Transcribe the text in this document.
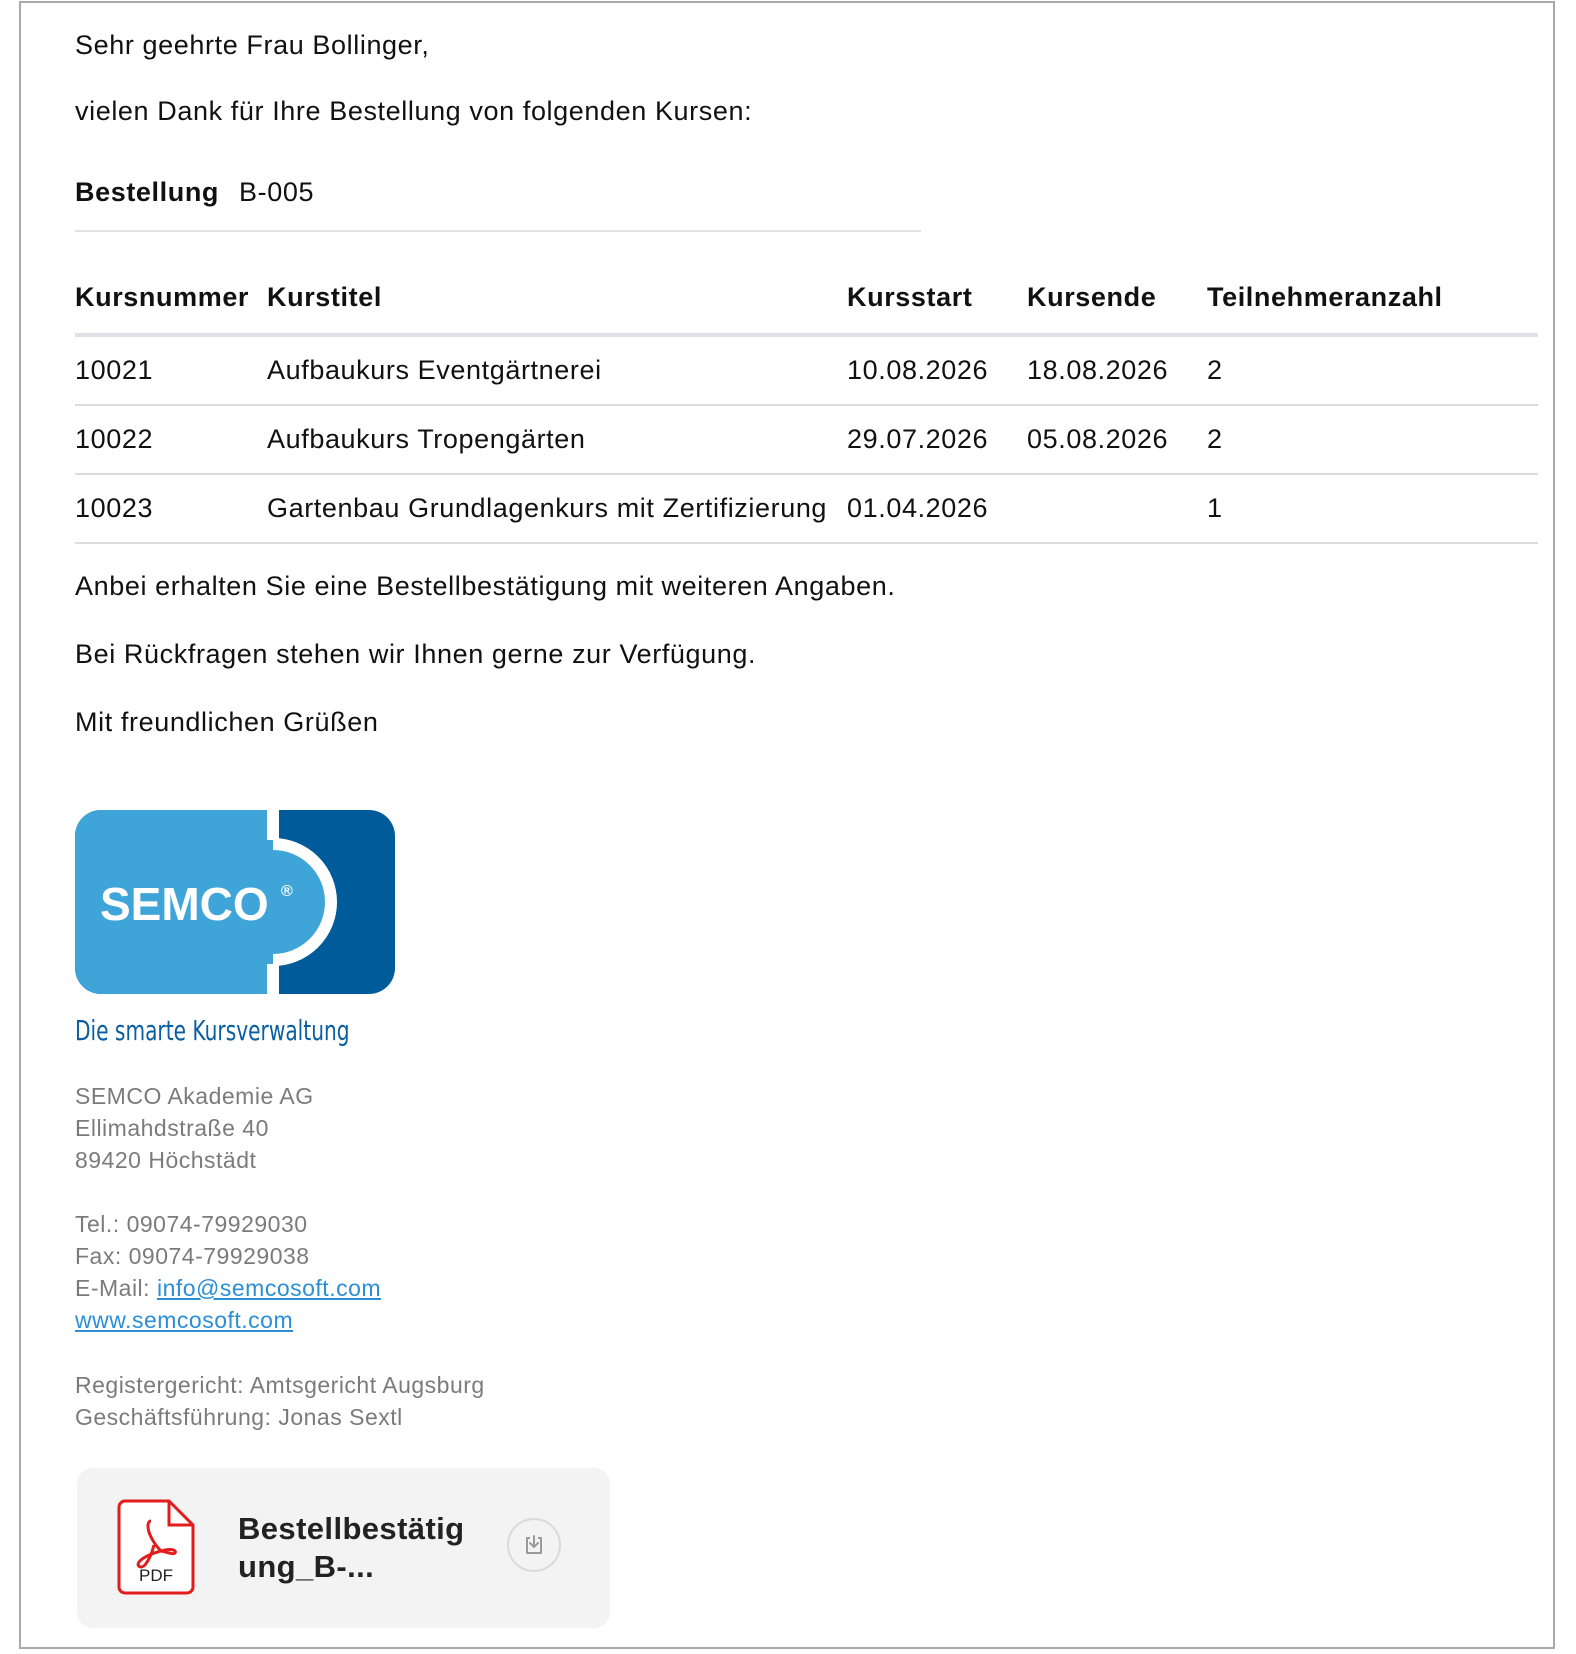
Sehr geehrte Frau Bollinger,
vielen Dank für Ihre Bestellung von folgenden Kursen:
Bestellung B-005
Kursnummer	Kurstitel	Kursstart	Kursende	Teilnehmeranzahl
10021	Aufbaukurs Eventgärtnerei	10.08.2026	18.08.2026	2
10022	Aufbaukurs Tropengärten	29.07.2026	05.08.2026	2
10023	Gartenbau Grundlagenkurs mit Zertifizierung	01.04.2026		1
Anbei erhalten Sie eine Bestellbestätigung mit weiteren Angaben.
Bei Rückfragen stehen wir Ihnen gerne zur Verfügung.
Mit freundlichen Grüßen
SEMCO ®
Die smarte Kursverwaltung
SEMCO Akademie AG
Ellimahdstraße 40
89420 Höchstädt
Tel.: 09074-79929030
Fax: 09074-79929038
E-Mail: info@semcosoft.com
www.semcosoft.com
Registergericht: Amtsgericht Augsburg
Geschäftsführung: Jonas Sextl
PDF
Bestellbestätig
ung_B-...
